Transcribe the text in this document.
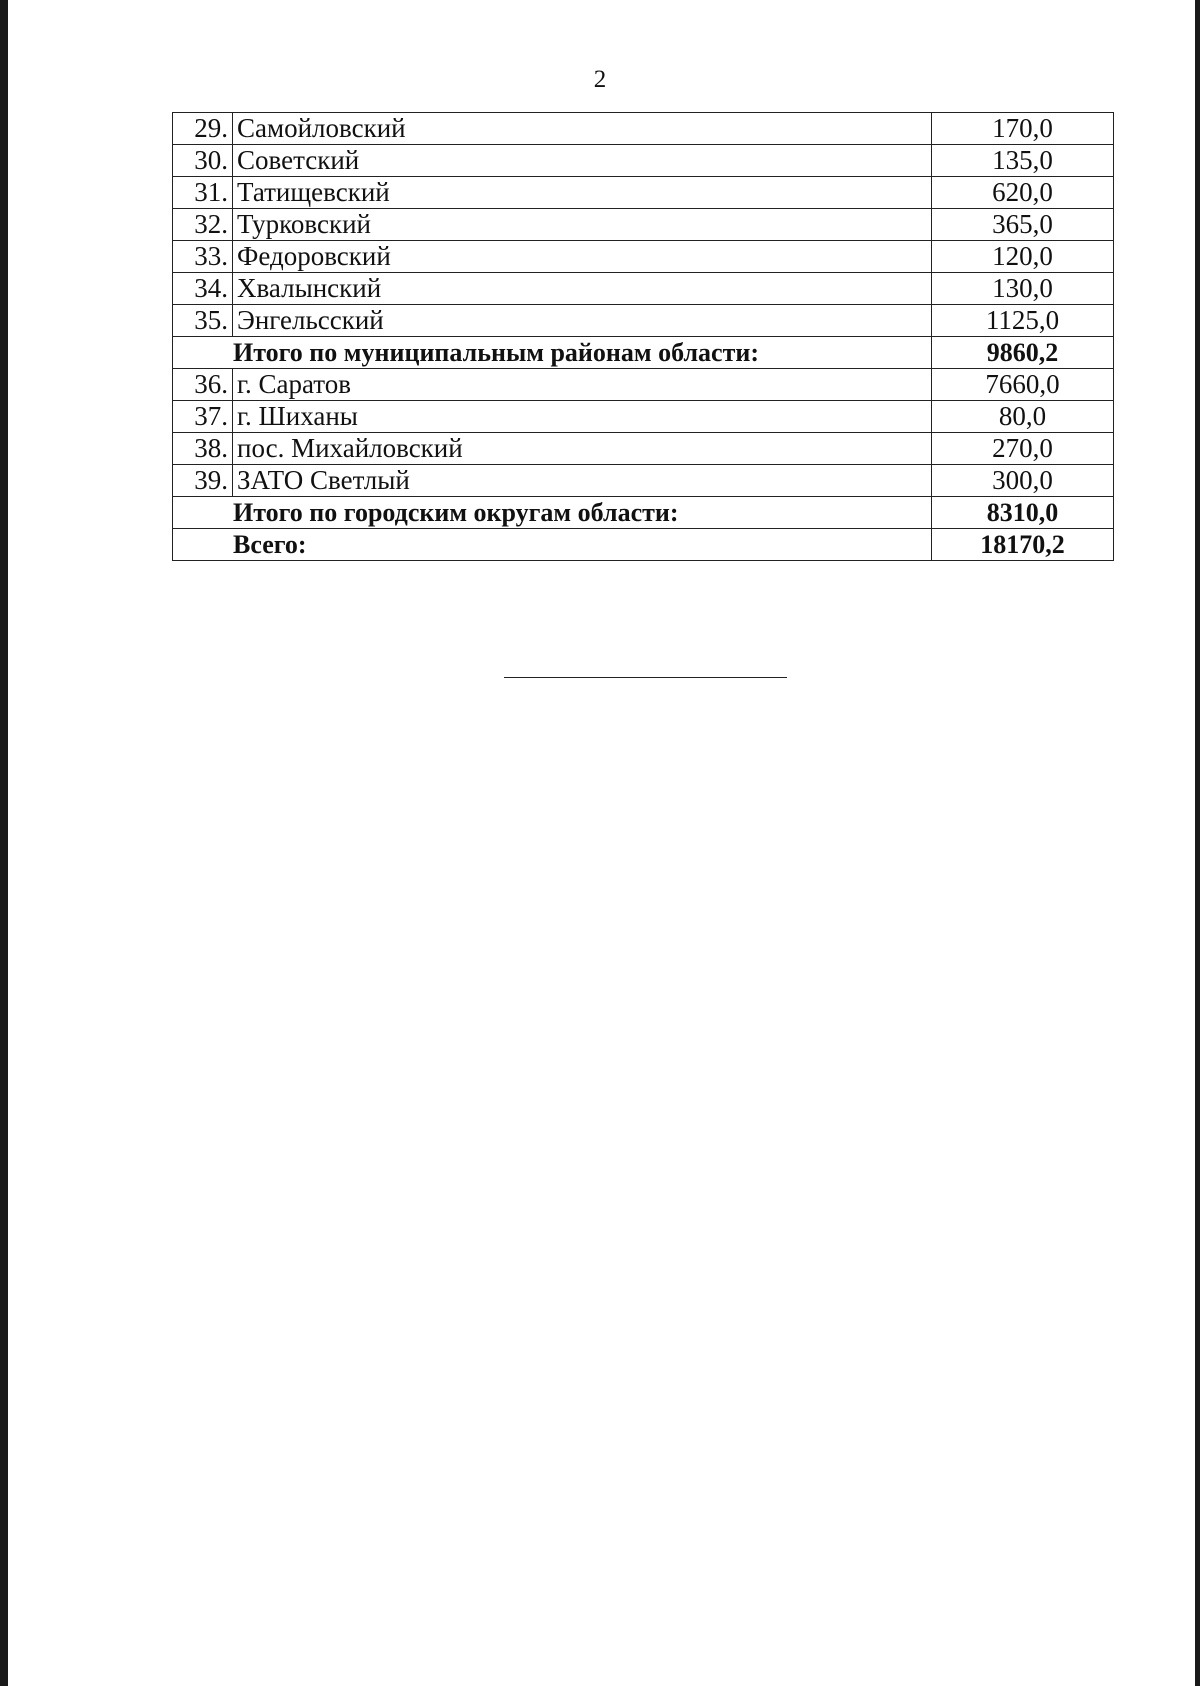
2
29.	Самойловский	170,0
30.	Советский	135,0
31.	Татищевский	620,0
32.	Турковский	365,0
33.	Федоровский	120,0
34.	Хвалынский	130,0
35.	Энгельсский	1125,0
Итого по муниципальным районам области:		9860,2
36.	г. Саратов	7660,0
37.	г. Шиханы	80,0
38.	пос. Михайловский	270,0
39.	ЗАТО Светлый	300,0
Итого по городским округам области:		8310,0
Всего:		18170,2
